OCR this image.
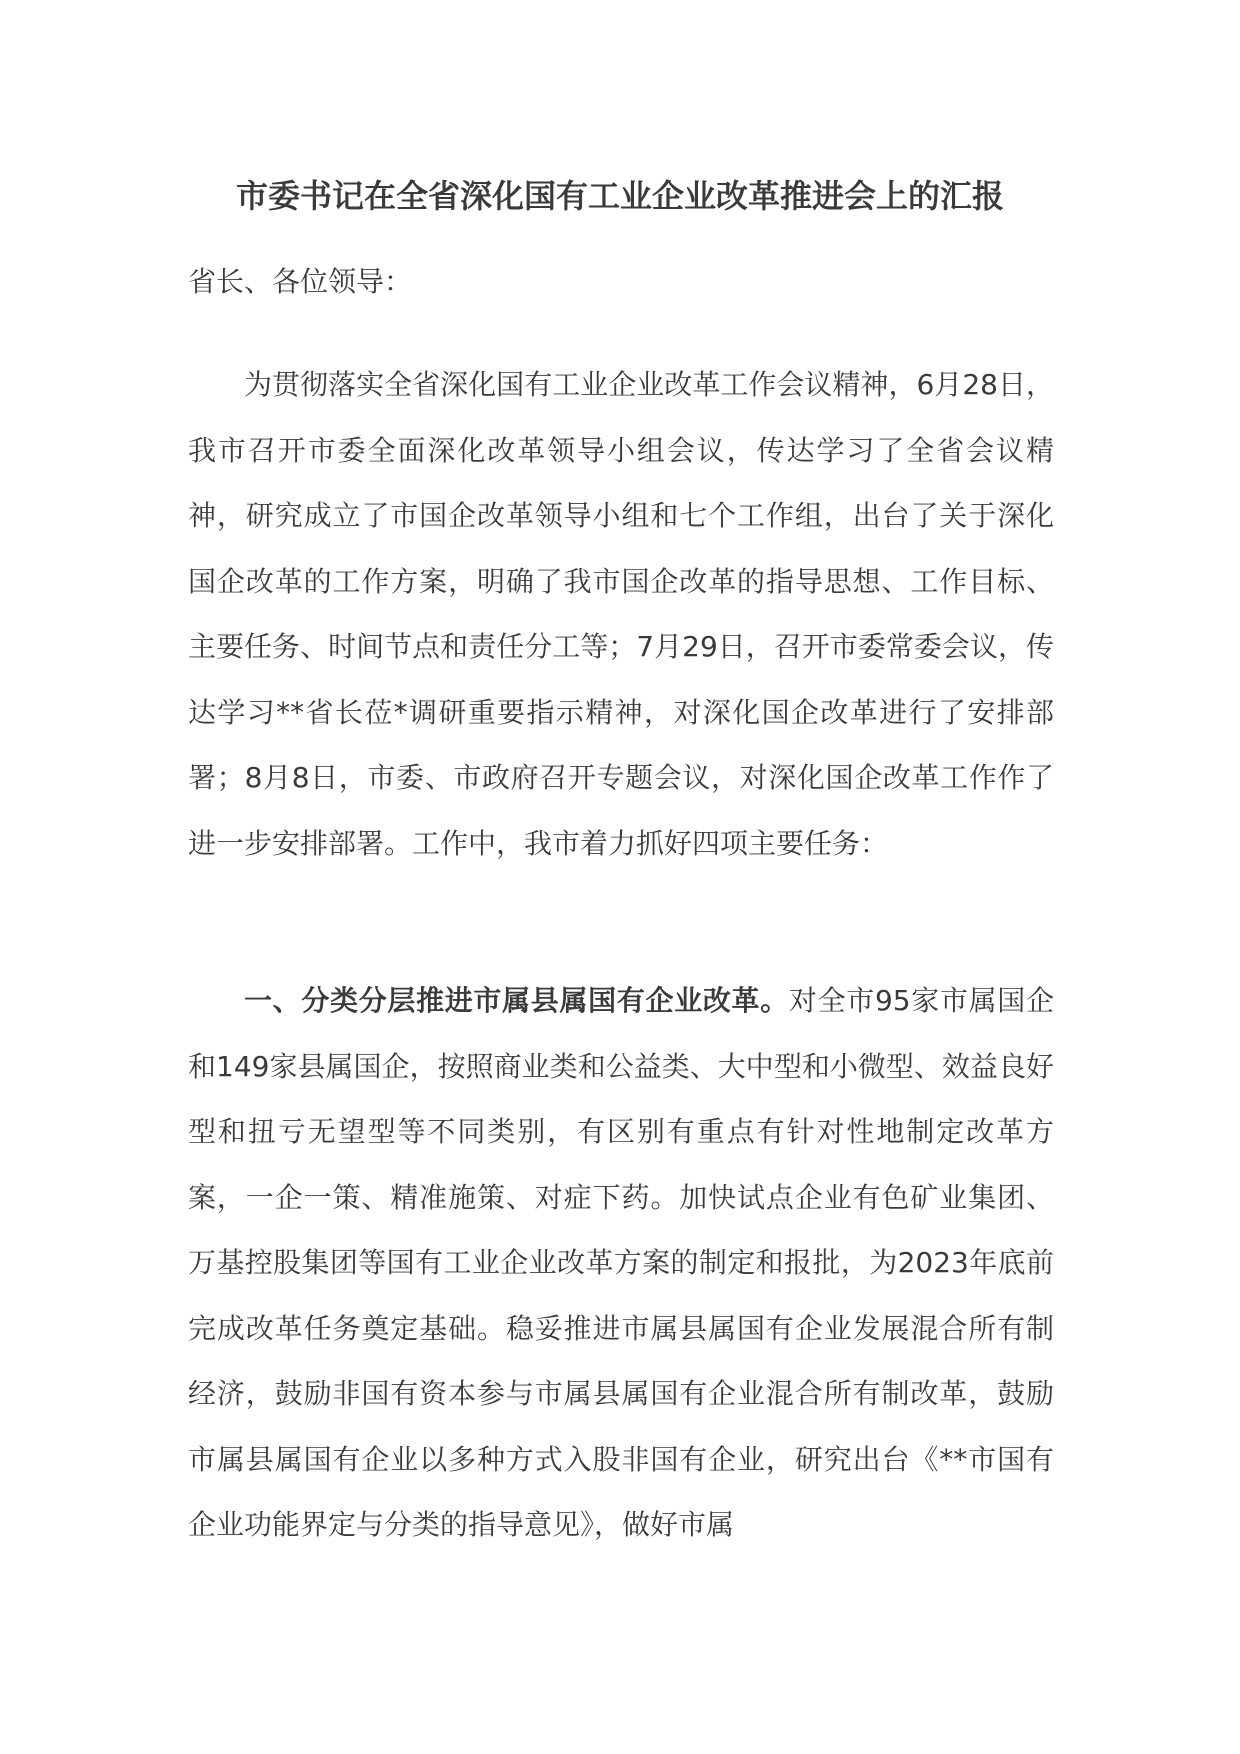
市委书记在全省深化国有工业企业改革推进会上的汇报
省长、各位领导：
为贯彻落实全省深化国有工业企业改革工作会议精神，6月28日，我市召开市委全面深化改革领导小组会议，传达学习了全省会议精神，研究成立了市国企改革领导小组和七个工作组，出台了关于深化国企改革的工作方案，明确了我市国企改革的指导思想、工作目标、主要任务、时间节点和责任分工等；7月29日，召开市委常委会议，传达学习**省长莅*调研重要指示精神，对深化国企改革进行了安排部署；8月8日，市委、市政府召开专题会议，对深化国企改革工作作了进一步安排部署。工作中，我市着力抓好四项主要任务：
一、分类分层推进市属县属国有企业改革。对全市95家市属国企和149家县属国企，按照商业类和公益类、大中型和小微型、效益良好型和扭亏无望型等不同类别，有区别有重点有针对性地制定改革方案，一企一策、精准施策、对症下药。加快试点企业有色矿业集团、万基控股集团等国有工业企业改革方案的制定和报批，为2023年底前完成改革任务奠定基础。稳妥推进市属县属国有企业发展混合所有制经济，鼓励非国有资本参与市属县属国有企业混合所有制改革，鼓励市属县属国有企业以多种方式入股非国有企业，研究出台《**市国有企业功能界定与分类的指导意见》，做好市属
